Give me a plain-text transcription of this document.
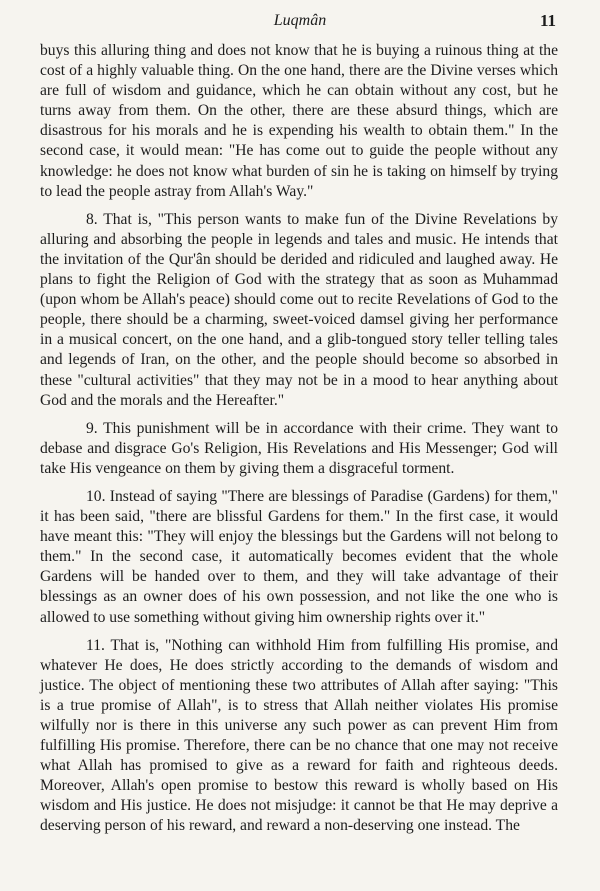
Luqmân	11

buys this alluring thing and does not know that he is buying a ruinous thing at the cost of a highly valuable thing. On the one hand, there are the Divine verses which are full of wisdom and guidance, which he can obtain without any cost, but he turns away from them. On the other, there are these absurd things, which are disastrous for his morals and he is expending his wealth to obtain them." In the second case, it would mean: "He has come out to guide the people without any knowledge: he does not know what burden of sin he is taking on himself by trying to lead the people astray from Allah's Way."

8. That is, "This person wants to make fun of the Divine Revelations by alluring and absorbing the people in legends and tales and music. He intends that the invitation of the Qur'ân should be derided and ridiculed and laughed away. He plans to fight the Religion of God with the strategy that as soon as Muhammad (upon whom be Allah's peace) should come out to recite Revelations of God to the people, there should be a charming, sweet-voiced damsel giving her performance in a musical concert, on the one hand, and a glib-tongued story teller telling tales and legends of Iran, on the other, and the people should become so absorbed in these "cultural activities" that they may not be in a mood to hear anything about God and the morals and the Hereafter."

9. This punishment will be in accordance with their crime. They want to debase and disgrace Go's Religion, His Revelations and His Messenger; God will take His vengeance on them by giving them a disgraceful torment.

10. Instead of saying "There are blessings of Paradise (Gardens) for them," it has been said, "there are blissful Gardens for them." In the first case, it would have meant this: "They will enjoy the blessings but the Gardens will not belong to them." In the second case, it automatically becomes evident that the whole Gardens will be handed over to them, and they will take advantage of their blessings as an owner does of his own possession, and not like the one who is allowed to use something without giving him ownership rights over it."

11. That is, "Nothing can withhold Him from fulfilling His promise, and whatever He does, He does strictly according to the demands of wisdom and justice. The object of mentioning these two attributes of Allah after saying: "This is a true promise of Allah", is to stress that Allah neither violates His promise wilfully nor is there in this universe any such power as can prevent Him from fulfilling His promise. Therefore, there can be no chance that one may not receive what Allah has promised to give as a reward for faith and righteous deeds. Moreover, Allah's open promise to bestow this reward is wholly based on His wisdom and His justice. He does not misjudge: it cannot be that He may deprive a deserving person of his reward, and reward a non-deserving one instead. The
